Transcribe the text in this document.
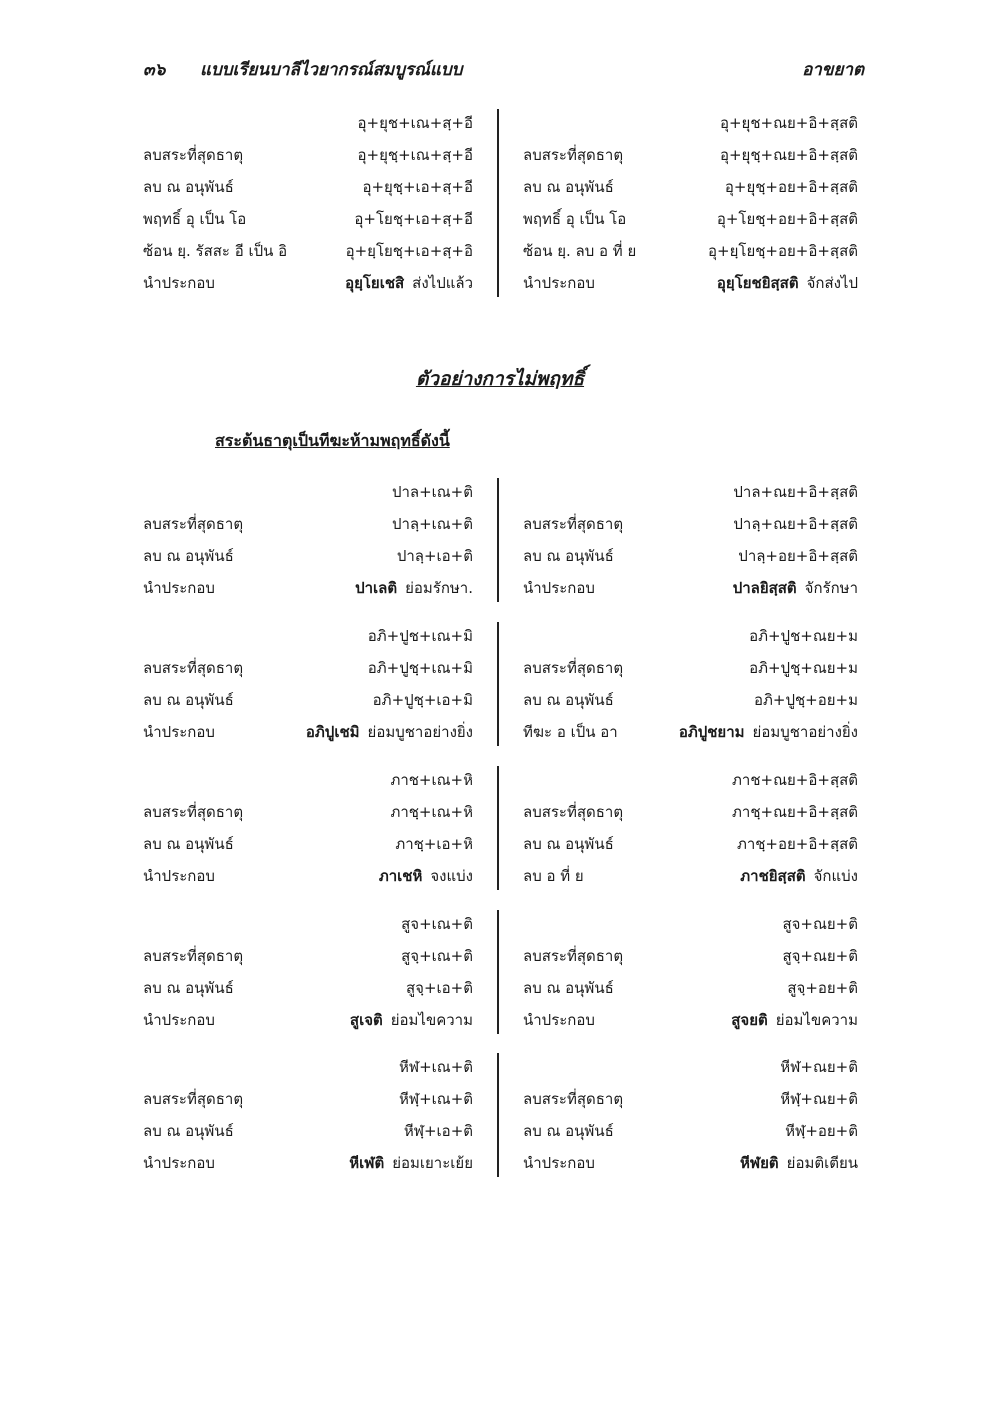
๓๖ แบบเรียนบาลีไวยากรณ์สมบูรณ์แบบ	อาขยาต
ตัวอย่างการไม่พฤทธิ์
สระต้นธาตุเป็นทีฆะห้ามพฤทธิ์ดังนี้
อุ+ยุช+เณ+สฺ+อี
ลบสระที่สุดธาตุ	อุ+ยุชฺ+เณ+สฺ+อี
ลบ ณ อนุพันธ์	อุ+ยุชฺ+เอ+สฺ+อี
พฤทธิ์ อุ เป็น โอ	อุ+โยชฺ+เอ+สฺ+อี
ซ้อน ยฺ. รัสสะ อี เป็น อิ	อุ+ยฺโยชฺ+เอ+สฺ+อิ
นำประกอบ	อุยฺโยเชสิ ส่งไปแล้ว
อุ+ยุช+ณย+อิ+สฺสติ
ลบสระที่สุดธาตุ	อุ+ยุชฺ+ณย+อิ+สฺสติ
ลบ ณ อนุพันธ์	อุ+ยุชฺ+อย+อิ+สฺสติ
พฤทธิ์ อุ เป็น โอ	อุ+โยชฺ+อย+อิ+สฺสติ
ซ้อน ยฺ. ลบ อ ที่ ย	อุ+ยฺโยชฺ+อย+อิ+สฺสติ
นำประกอบ	อุยฺโยชยิสฺสติ จักส่งไป
ปาล+เณ+ติ
ลบสระที่สุดธาตุ	ปาลฺ+เณ+ติ
ลบ ณ อนุพันธ์	ปาลฺ+เอ+ติ
นำประกอบ	ปาเลติ ย่อมรักษา.
ปาล+ณย+อิ+สฺสติ
ลบสระที่สุดธาตุ	ปาลฺ+ณย+อิ+สฺสติ
ลบ ณ อนุพันธ์	ปาลฺ+อย+อิ+สฺสติ
นำประกอบ	ปาลยิสฺสติ จักรักษา
อภิ+ปูช+เณ+มิ
ลบสระที่สุดธาตุ	อภิ+ปูชฺ+เณ+มิ
ลบ ณ อนุพันธ์	อภิ+ปูชฺ+เอ+มิ
นำประกอบ	อภิปูเชมิ ย่อมบูชาอย่างยิ่ง
อภิ+ปูช+ณย+ม
ลบสระที่สุดธาตุ	อภิ+ปูชฺ+ณย+ม
ลบ ณ อนุพันธ์	อภิ+ปูชฺ+อย+ม
ทีฆะ อ เป็น อา	อภิปูชยาม ย่อมบูชาอย่างยิ่ง
ภาช+เณ+หิ
ลบสระที่สุดธาตุ	ภาชฺ+เณ+หิ
ลบ ณ อนุพันธ์	ภาชฺ+เอ+หิ
นำประกอบ	ภาเชหิ จงแบ่ง
ภาช+ณย+อิ+สฺสติ
ลบสระที่สุดธาตุ	ภาชฺ+ณย+อิ+สฺสติ
ลบ ณ อนุพันธ์	ภาชฺ+อย+อิ+สฺสติ
ลบ อ ที่ ย	ภาชยิสฺสติ จักแบ่ง
สูจ+เณ+ติ
ลบสระที่สุดธาตุ	สูจฺ+เณ+ติ
ลบ ณ อนุพันธ์	สูจฺ+เอ+ติ
นำประกอบ	สูเจติ ย่อมไขความ
สูจ+ณย+ติ
ลบสระที่สุดธาตุ	สูจฺ+ณย+ติ
ลบ ณ อนุพันธ์	สูจฺ+อย+ติ
นำประกอบ	สูจยติ ย่อมไขความ
หีฬ+เณ+ติ
ลบสระที่สุดธาตุ	หีฬฺ+เณ+ติ
ลบ ณ อนุพันธ์	หีฬฺ+เอ+ติ
นำประกอบ	หีเฬติ ย่อมเยาะเย้ย
หีฬ+ณย+ติ
ลบสระที่สุดธาตุ	หีฬฺ+ณย+ติ
ลบ ณ อนุพันธ์	หีฬฺ+อย+ติ
นำประกอบ	หีฬยติ ย่อมติเตียน
